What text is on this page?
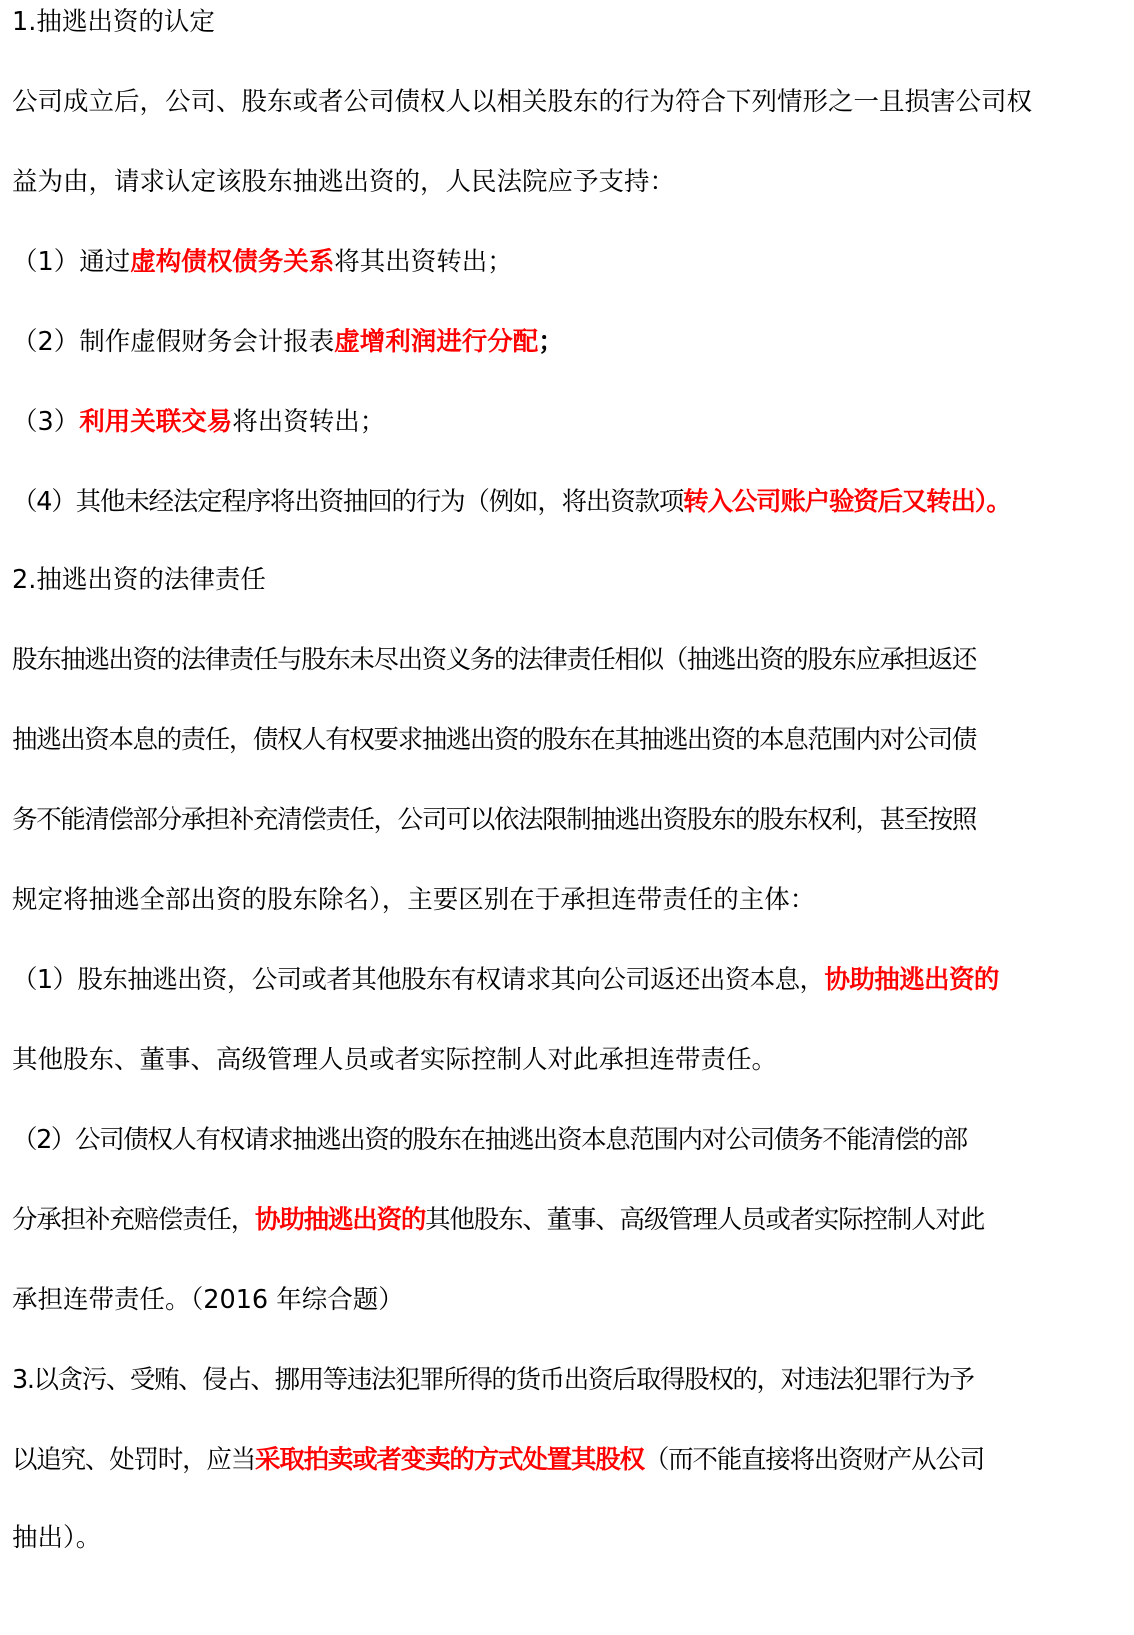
1.抽逃出资的认定
公司成立后，公司、股东或者公司债权人以相关股东的行为符合下列情形之一且损害公司权
益为由，请求认定该股东抽逃出资的，人民法院应予支持：
（1）通过虚构债权债务关系将其出资转出；
（2）制作虚假财务会计报表虚增利润进行分配；
（3）利用关联交易将出资转出；
（4）其他未经法定程序将出资抽回的行为（例如，将出资款项转入公司账户验资后又转出）。
2.抽逃出资的法律责任
股东抽逃出资的法律责任与股东未尽出资义务的法律责任相似（抽逃出资的股东应承担返还
抽逃出资本息的责任，债权人有权要求抽逃出资的股东在其抽逃出资的本息范围内对公司债
务不能清偿部分承担补充清偿责任，公司可以依法限制抽逃出资股东的股东权利，甚至按照
规定将抽逃全部出资的股东除名），主要区别在于承担连带责任的主体：
（1）股东抽逃出资，公司或者其他股东有权请求其向公司返还出资本息，协助抽逃出资的
其他股东、董事、高级管理人员或者实际控制人对此承担连带责任。
（2）公司债权人有权请求抽逃出资的股东在抽逃出资本息范围内对公司债务不能清偿的部
分承担补充赔偿责任，协助抽逃出资的其他股东、董事、高级管理人员或者实际控制人对此
承担连带责任。（2016 年综合题）
3.以贪污、受贿、侵占、挪用等违法犯罪所得的货币出资后取得股权的，对违法犯罪行为予
以追究、处罚时，应当采取拍卖或者变卖的方式处置其股权（而不能直接将出资财产从公司
抽出）。
